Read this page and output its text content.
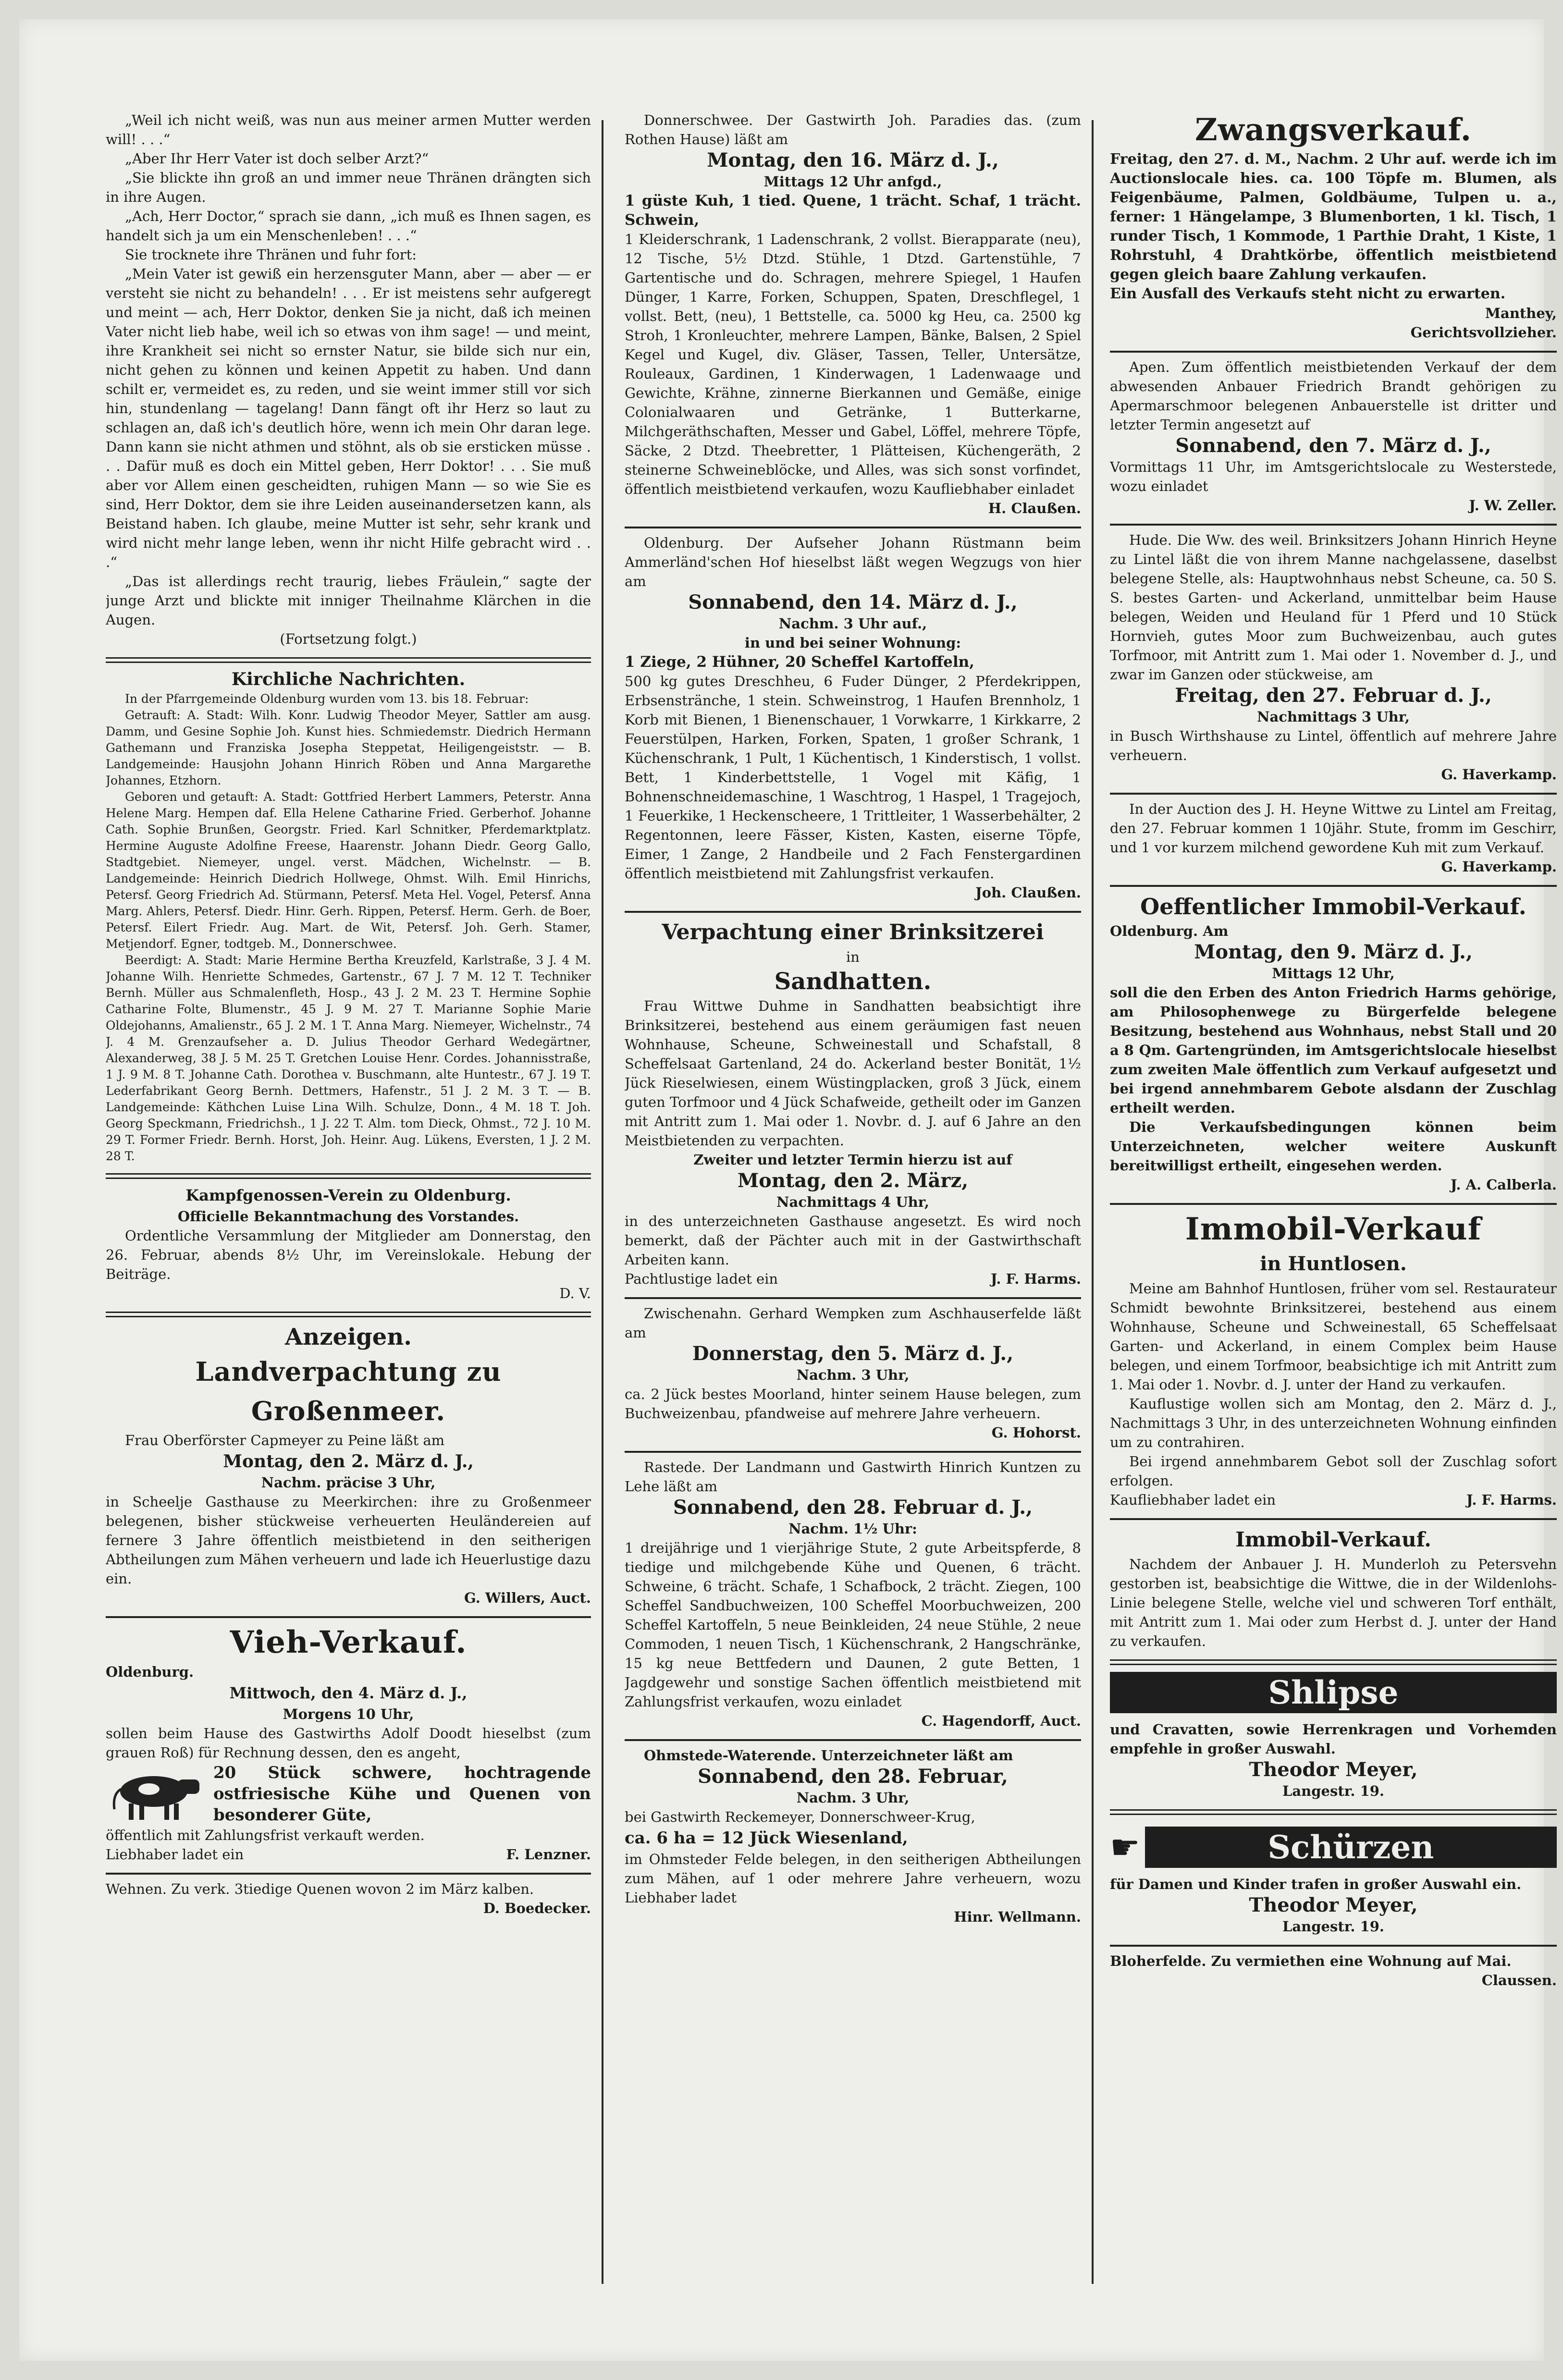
„Weil ich nicht weiß, was nun aus meiner armen Mutter werden will! . . .“

„Aber Ihr Herr Vater ist doch selber Arzt?“

„Sie blickte ihn groß an und immer neue Thränen drängten sich in ihre Augen.

„Ach, Herr Doctor,“ sprach sie dann, „ich muß es Ihnen sagen, es handelt sich ja um ein Menschenleben! . . .“

Sie trocknete ihre Thränen und fuhr fort:

„Mein Vater ist gewiß ein herzensguter Mann, aber — aber — er versteht sie nicht zu behandeln! . . . Er ist meistens sehr aufgeregt und meint — ach, Herr Doktor, denken Sie ja nicht, daß ich meinen Vater nicht lieb habe, weil ich so etwas von ihm sage! — und meint, ihre Krankheit sei nicht so ernster Natur, sie bilde sich nur ein, nicht gehen zu können und keinen Appetit zu haben. Und dann schilt er, vermeidet es, zu reden, und sie weint immer still vor sich hin, stundenlang — tagelang! Dann fängt oft ihr Herz so laut zu schlagen an, daß ich's deutlich höre, wenn ich mein Ohr daran lege. Dann kann sie nicht athmen und stöhnt, als ob sie ersticken müsse . . . Dafür muß es doch ein Mittel geben, Herr Doktor! . . . Sie muß aber vor Allem einen gescheidten, ruhigen Mann — so wie Sie es sind, Herr Doktor, dem sie ihre Leiden auseinandersetzen kann, als Beistand haben. Ich glaube, meine Mutter ist sehr, sehr krank und wird nicht mehr lange leben, wenn ihr nicht Hilfe gebracht wird . . .“

„Das ist allerdings recht traurig, liebes Fräulein,“ sagte der junge Arzt und blickte mit inniger Theilnahme Klärchen in die Augen.

(Fortsetzung folgt.)

Kirchliche Nachrichten.

In der Pfarrgemeinde Oldenburg wurden vom 13. bis 18. Februar:

Getrauft: A. Stadt: Wilh. Konr. Ludwig Theodor Meyer, Sattler am ausg. Damm, und Gesine Sophie Joh. Kunst hies. Schmiedemstr. Diedrich Hermann Gathemann und Franziska Josepha Steppetat, Heiligengeiststr. — B. Landgemeinde: Hausjohn Johann Hinrich Röben und Anna Margarethe Johannes, Etzhorn.

Geboren und getauft: A. Stadt: Gottfried Herbert Lammers, Peterstr. Anna Helene Marg. Hempen daf. Ella Helene Catharine Fried. Gerberhof. Johanne Cath. Sophie Brunßen, Georgstr. Fried. Karl Schnitker, Pferdemarktplatz. Hermine Auguste Adolfine Freese, Haarenstr. Johann Diedr. Georg Gallo, Stadtgebiet. Niemeyer, ungel. verst. Mädchen, Wichelnstr. — B. Landgemeinde: Heinrich Diedrich Hollwege, Ohmst. Wilh. Emil Hinrichs, Petersf. Georg Friedrich Ad. Stürmann, Petersf. Meta Hel. Vogel, Petersf. Anna Marg. Ahlers, Petersf. Diedr. Hinr. Gerh. Rippen, Petersf. Herm. Gerh. de Boer, Petersf. Eilert Friedr. Aug. Mart. de Wit, Petersf. Joh. Gerh. Stamer, Metjendorf. Egner, todtgeb. M., Donnerschwee.

Beerdigt: A. Stadt: Marie Hermine Bertha Kreuzfeld, Karlstraße, 3 J. 4 M. Johanne Wilh. Henriette Schmedes, Gartenstr., 67 J. 7 M. 12 T. Techniker Bernh. Müller aus Schmalenfleth, Hosp., 43 J. 2 M. 23 T. Hermine Sophie Catharine Folte, Blumenstr., 45 J. 9 M. 27 T. Marianne Sophie Marie Oldejohanns, Amalienstr., 65 J. 2 M. 1 T. Anna Marg. Niemeyer, Wichelnstr., 74 J. 4 M. Grenzaufseher a. D. Julius Theodor Gerhard Wedegärtner, Alexanderweg, 38 J. 5 M. 25 T. Gretchen Louise Henr. Cordes. Johannisstraße, 1 J. 9 M. 8 T. Johanne Cath. Dorothea v. Buschmann, alte Huntestr., 67 J. 19 T. Lederfabrikant Georg Bernh. Dettmers, Hafenstr., 51 J. 2 M. 3 T. — B. Landgemeinde: Käthchen Luise Lina Wilh. Schulze, Donn., 4 M. 18 T. Joh. Georg Speckmann, Friedrichsh., 1 J. 22 T. Alm. tom Dieck, Ohmst., 72 J. 10 M. 29 T. Former Friedr. Bernh. Horst, Joh. Heinr. Aug. Lükens, Eversten, 1 J. 2 M. 28 T.

Kampfgenossen-Verein zu Oldenburg.

Officielle Bekanntmachung des Vorstandes.

Ordentliche Versammlung der Mitglieder am Donnerstag, den 26. Februar, abends 8½ Uhr, im Vereinslokale. Hebung der Beiträge.

D. V.

Anzeigen.

Landverpachtung zu Großenmeer.

Frau Oberförster Capmeyer zu Peine läßt am

Montag, den 2. März d. J.,

Nachm. präcise 3 Uhr,

in Scheelje Gasthause zu Meerkirchen: ihre zu Großenmeer belegenen, bisher stückweise verheuerten Heuländereien auf fernere 3 Jahre öffentlich meistbietend in den seitherigen Abtheilungen zum Mähen verheuern und lade ich Heuerlustige dazu ein.

G. Willers, Auct.

Vieh-Verkauf.

Oldenburg.

Mittwoch, den 4. März d. J.,

Morgens 10 Uhr,

sollen beim Hause des Gastwirths Adolf Doodt hieselbst (zum grauen Roß) für Rechnung dessen, den es angeht,

20 Stück schwere, hochtragende ostfriesische Kühe und Quenen von besonderer Güte,

öffentlich mit Zahlungsfrist verkauft werden.

Liebhaber ladet ein	F. Lenzner.

Wehnen. Zu verk. 3tiedige Quenen wovon 2 im März kalben.

D. Boedecker.

Donnerschwee. Der Gastwirth Joh. Paradies das. (zum Rothen Hause) läßt am

Montag, den 16. März d. J.,

Mittags 12 Uhr anfgd.,

1 güste Kuh, 1 tied. Quene, 1 trächt. Schaf, 1 trächt. Schwein,

1 Kleiderschrank, 1 Ladenschrank, 2 vollst. Bierapparate (neu), 12 Tische, 5½ Dtzd. Stühle, 1 Dtzd. Gartenstühle, 7 Gartentische und do. Schragen, mehrere Spiegel, 1 Haufen Dünger, 1 Karre, Forken, Schuppen, Spaten, Dreschflegel, 1 vollst. Bett, (neu), 1 Bettstelle, ca. 5000 kg Heu, ca. 2500 kg Stroh, 1 Kronleuchter, mehrere Lampen, Bänke, Balsen, 2 Spiel Kegel und Kugel, div. Gläser, Tassen, Teller, Untersätze, Rouleaux, Gardinen, 1 Kinderwagen, 1 Ladenwaage und Gewichte, Krähne, zinnerne Bierkannen und Gemäße, einige Colonialwaaren und Getränke, 1 Butterkarne, Milchgeräthschaften, Messer und Gabel, Löffel, mehrere Töpfe, Säcke, 2 Dtzd. Theebretter, 1 Plätteisen, Küchengeräth, 2 steinerne Schweineblöcke, und Alles, was sich sonst vorfindet, öffentlich meistbietend verkaufen, wozu Kaufliebhaber einladet

H. Claußen.

Oldenburg. Der Aufseher Johann Rüstmann beim Ammerländ'schen Hof hieselbst läßt wegen Wegzugs von hier am

Sonnabend, den 14. März d. J.,

Nachm. 3 Uhr auf.,

in und bei seiner Wohnung:

1 Ziege, 2 Hühner, 20 Scheffel Kartoffeln,

500 kg gutes Dreschheu, 6 Fuder Dünger, 2 Pferdekrippen, Erbsenstränche, 1 stein. Schweinstrog, 1 Haufen Brennholz, 1 Korb mit Bienen, 1 Bienenschauer, 1 Vorwkarre, 1 Kirkkarre, 2 Feuerstülpen, Harken, Forken, Spaten, 1 großer Schrank, 1 Küchenschrank, 1 Pult, 1 Küchentisch, 1 Kinderstisch, 1 vollst. Bett, 1 Kinderbettstelle, 1 Vogel mit Käfig, 1 Bohnenschneidemaschine, 1 Waschtrog, 1 Haspel, 1 Tragejoch, 1 Feuerkike, 1 Heckenscheere, 1 Trittleiter, 1 Wasserbehälter, 2 Regentonnen, leere Fässer, Kisten, Kasten, eiserne Töpfe, Eimer, 1 Zange, 2 Handbeile und 2 Fach Fenstergardinen öffentlich meistbietend mit Zahlungsfrist verkaufen.

Joh. Claußen.

Verpachtung einer Brinksitzerei

in

Sandhatten.

Frau Wittwe Duhme in Sandhatten beabsichtigt ihre Brinksitzerei, bestehend aus einem geräumigen fast neuen Wohnhause, Scheune, Schweinestall und Schafstall, 8 Scheffelsaat Gartenland, 24 do. Ackerland bester Bonität, 1½ Jück Rieselwiesen, einem Wüstingplacken, groß 3 Jück, einem guten Torfmoor und 4 Jück Schafweide, getheilt oder im Ganzen mit Antritt zum 1. Mai oder 1. Novbr. d. J. auf 6 Jahre an den Meistbietenden zu verpachten.

Zweiter und letzter Termin hierzu ist auf

Montag, den 2. März,

Nachmittags 4 Uhr,

in des unterzeichneten Gasthause angesetzt. Es wird noch bemerkt, daß der Pächter auch mit in der Gastwirthschaft Arbeiten kann.

Pachtlustige ladet ein	J. F. Harms.

Zwischenahn. Gerhard Wempken zum Aschhauserfelde läßt am

Donnerstag, den 5. März d. J.,

Nachm. 3 Uhr,

ca. 2 Jück bestes Moorland, hinter seinem Hause belegen, zum Buchweizenbau, pfandweise auf mehrere Jahre verheuern.

G. Hohorst.

Rastede. Der Landmann und Gastwirth Hinrich Kuntzen zu Lehe läßt am

Sonnabend, den 28. Februar d. J.,

Nachm. 1½ Uhr:

1 dreijährige und 1 vierjährige Stute, 2 gute Arbeitspferde, 8 tiedige und milchgebende Kühe und Quenen, 6 trächt. Schweine, 6 trächt. Schafe, 1 Schafbock, 2 trächt. Ziegen, 100 Scheffel Sandbuchweizen, 100 Scheffel Moorbuchweizen, 200 Scheffel Kartoffeln, 5 neue Beinkleiden, 24 neue Stühle, 2 neue Commoden, 1 neuen Tisch, 1 Küchenschrank, 2 Hangschränke, 15 kg neue Bettfedern und Daunen, 2 gute Betten, 1 Jagdgewehr und sonstige Sachen öffentlich meistbietend mit Zahlungsfrist verkaufen, wozu einladet

C. Hagendorff, Auct.

Ohmstede-Waterende. Unterzeichneter läßt am

Sonnabend, den 28. Februar,

Nachm. 3 Uhr,

bei Gastwirth Reckemeyer, Donnerschweer-Krug,

ca. 6 ha = 12 Jück Wiesenland,

im Ohmsteder Felde belegen, in den seitherigen Abtheilungen zum Mähen, auf 1 oder mehrere Jahre verheuern, wozu Liebhaber ladet

Hinr. Wellmann.

Zwangsverkauf.

Freitag, den 27. d. M., Nachm. 2 Uhr auf. werde ich im Auctionslocale hies. ca. 100 Töpfe m. Blumen, als Feigenbäume, Palmen, Goldbäume, Tulpen u. a., ferner: 1 Hängelampe, 3 Blumenborten, 1 kl. Tisch, 1 runder Tisch, 1 Kommode, 1 Parthie Draht, 1 Kiste, 1 Rohrstuhl, 4 Drahtkörbe, öffentlich meistbietend gegen gleich baare Zahlung verkaufen.

Ein Ausfall des Verkaufs steht nicht zu erwarten.

Manthey,

Gerichtsvollzieher.

Apen. Zum öffentlich meistbietenden Verkauf der dem abwesenden Anbauer Friedrich Brandt gehörigen zu Apermarschmoor belegenen Anbauerstelle ist dritter und letzter Termin angesetzt auf

Sonnabend, den 7. März d. J.,

Vormittags 11 Uhr, im Amtsgerichtslocale zu Westerstede, wozu einladet

J. W. Zeller.

Hude. Die Ww. des weil. Brinksitzers Johann Hinrich Heyne zu Lintel läßt die von ihrem Manne nachgelassene, daselbst belegene Stelle, als: Hauptwohnhaus nebst Scheune, ca. 50 S. S. bestes Garten- und Ackerland, unmittelbar beim Hause belegen, Weiden und Heuland für 1 Pferd und 10 Stück Hornvieh, gutes Moor zum Buchweizenbau, auch gutes Torfmoor, mit Antritt zum 1. Mai oder 1. November d. J., und zwar im Ganzen oder stückweise, am

Freitag, den 27. Februar d. J.,

Nachmittags 3 Uhr,

in Busch Wirthshause zu Lintel, öffentlich auf mehrere Jahre verheuern.

G. Haverkamp.

In der Auction des J. H. Heyne Wittwe zu Lintel am Freitag, den 27. Februar kommen 1 10jähr. Stute, fromm im Geschirr, und 1 vor kurzem milchend gewordene Kuh mit zum Verkauf.

G. Haverkamp.

Oeffentlicher Immobil-Verkauf.

Oldenburg. Am

Montag, den 9. März d. J.,

Mittags 12 Uhr,

soll die den Erben des Anton Friedrich Harms gehörige, am Philosophenwege zu Bürgerfelde belegene Besitzung, bestehend aus Wohnhaus, nebst Stall und 20 a 8 Qm. Gartengründen, im Amtsgerichtslocale hieselbst zum zweiten Male öffentlich zum Verkauf aufgesetzt und bei irgend annehmbarem Gebote alsdann der Zuschlag ertheilt werden.

Die Verkaufsbedingungen können beim Unterzeichneten, welcher weitere Auskunft bereitwilligst ertheilt, eingesehen werden.

J. A. Calberla.

Immobil-Verkauf

in Huntlosen.

Meine am Bahnhof Huntlosen, früher vom sel. Restaurateur Schmidt bewohnte Brinksitzerei, bestehend aus einem Wohnhause, Scheune und Schweinestall, 65 Scheffelsaat Garten- und Ackerland, in einem Complex beim Hause belegen, und einem Torfmoor, beabsichtige ich mit Antritt zum 1. Mai oder 1. Novbr. d. J. unter der Hand zu verkaufen.

Kauflustige wollen sich am Montag, den 2. März d. J., Nachmittags 3 Uhr, in des unterzeichneten Wohnung einfinden um zu contrahiren.

Bei irgend annehmbarem Gebot soll der Zuschlag sofort erfolgen.

Kaufliebhaber ladet ein	J. F. Harms.

Immobil-Verkauf.

Nachdem der Anbauer J. H. Munderloh zu Petersvehn gestorben ist, beabsichtige die Wittwe, die in der Wildenlohs-Linie belegene Stelle, welche viel und schweren Torf enthält, mit Antritt zum 1. Mai oder zum Herbst d. J. unter der Hand zu verkaufen.

Shlipse

und Cravatten, sowie Herrenkragen und Vorhemden empfehle in großer Auswahl.

Theodor Meyer,

Langestr. 19.

☛	Schürzen

für Damen und Kinder trafen in großer Auswahl ein.

Theodor Meyer,

Langestr. 19.

Bloherfelde. Zu vermiethen eine Wohnung auf Mai.

Claussen.
